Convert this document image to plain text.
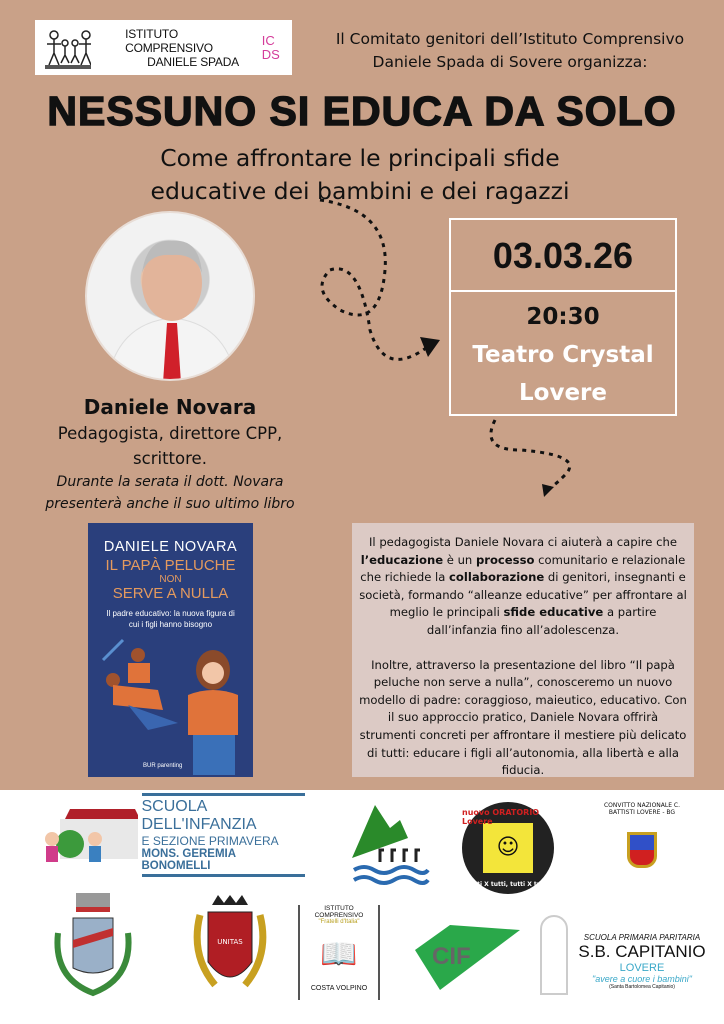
ISTITUTO COMPRENSIVO
DANIELE SPADA
ICDS
Il Comitato genitori dell’Istituto Comprensivo
Daniele Spada di Sovere organizza:
NESSUNO SI EDUCA DA SOLO
Come affrontare le principali sfide
educative dei bambini e dei ragazzi
03.03.26
20:30
Teatro Crystal
Lovere
Daniele Novara
Pedagogista, direttore CPP,
scrittore.
Durante la serata il dott. Novara
presenterà anche il suo ultimo libro
DANIELE NOVARA
IL PAPÀ PELUCHE
NON
SERVE A NULLA
Il padre educativo: la nuova figura di cui i figli hanno bisogno
BUR parenting

Il pedagogista Daniele Novara ci aiuterà a capire che l’educazione è un processo comunitario e relazionale che richiede la collaborazione di genitori, insegnanti e società, formando “alleanze educative” per affrontare al meglio le principali sfide educative a partire dall’infanzia fino all’adolescenza.

Inoltre, attraverso la presentazione del libro “Il papà peluche non serve a nulla”, conosceremo un nuovo modello di padre: coraggioso, maieutico, educativo. Con il suo approccio pratico, Daniele Novara offrirà strumenti concreti per affrontare il mestiere più delicato di tutti: educare i figli all’autonomia, alla libertà e alla fiducia.

SCUOLA DELL'INFANZIA
E SEZIONE PRIMAVERA
MONS. GEREMIA BONOMELLI
☺
nuovo ORATORIO Lovere
tutti X tutti, tutti X tutti
CONVITTO NAZIONALE C. BATTISTI LOVERE - BG
UNITAS
ISTITUTO COMPRENSIVO
"Fratelli d'Italia"
📖
COSTA VOLPINO
CIF
SCUOLA PRIMARIA PARITARIA
S.B. CAPITANIO
LOVERE
"avere a cuore i bambini"
(Santa Bartolomea Capitanio)
